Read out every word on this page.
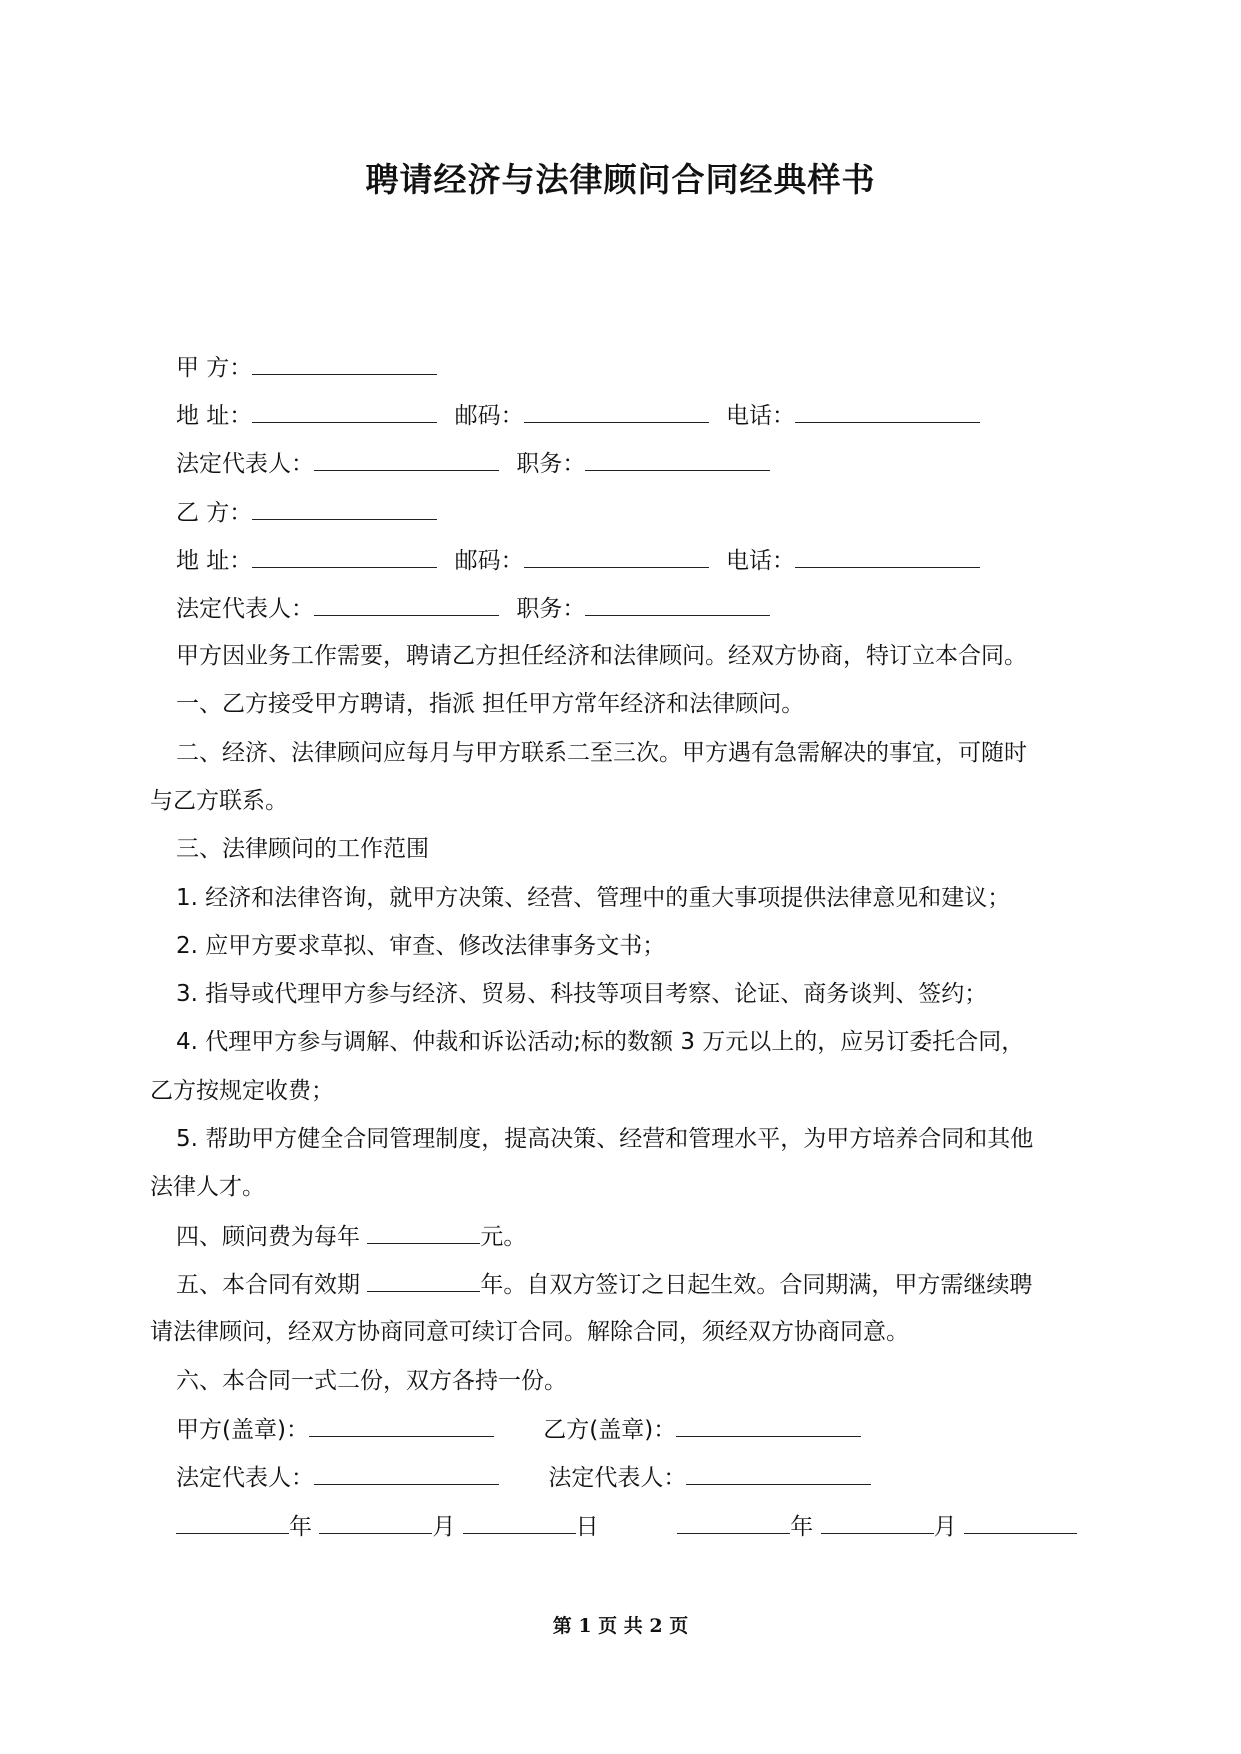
聘请经济与法律顾问合同经典样书
甲 方：
地 址：	邮码：	电话：
法定代表人：	职务：
乙 方：
地 址：	邮码：	电话：
法定代表人：	职务：
甲方因业务工作需要，聘请乙方担任经济和法律顾问。经双方协商，特订立本合同。
一、乙方接受甲方聘请，指派 担任甲方常年经济和法律顾问。
二、经济、法律顾问应每月与甲方联系二至三次。甲方遇有急需解决的事宜，可随时
与乙方联系。
三、法律顾问的工作范围
1. 经济和法律咨询，就甲方决策、经营、管理中的重大事项提供法律意见和建议；
2. 应甲方要求草拟、审查、修改法律事务文书；
3. 指导或代理甲方参与经济、贸易、科技等项目考察、论证、商务谈判、签约；
4. 代理甲方参与调解、仲裁和诉讼活动;标的数额 3 万元以上的，应另订委托合同，
乙方按规定收费；
5. 帮助甲方健全合同管理制度，提高决策、经营和管理水平，为甲方培养合同和其他
法律人才。
四、顾问费为每年	元。
五、本合同有效期	年。自双方签订之日起生效。合同期满，甲方需继续聘
请法律顾问，经双方协商同意可续订合同。解除合同，须经双方协商同意。
六、本合同一式二份，双方各持一份。
甲方(盖章)：	乙方(盖章)：
法定代表人：	法定代表人：
年	月	日	年	月
第 1 页 共 2 页
